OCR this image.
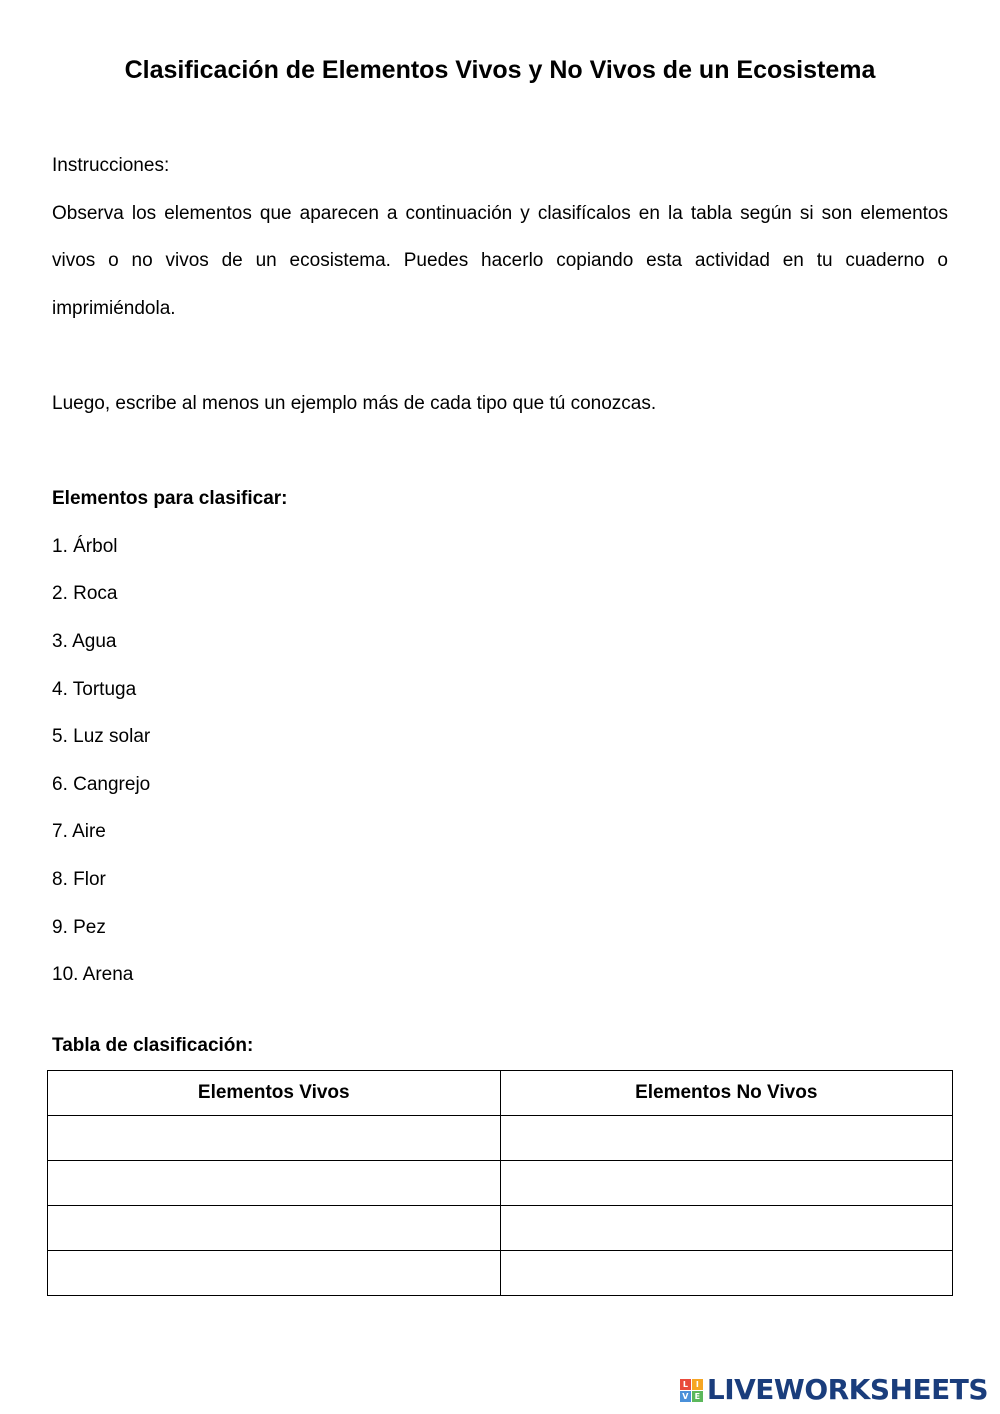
Clasificación de Elementos Vivos y No Vivos de un Ecosistema

Instrucciones:

Observa los elementos que aparecen a continuación y clasifícalos en la tabla según si son elementos vivos o no vivos de un ecosistema. Puedes hacerlo copiando esta actividad en tu cuaderno o imprimiéndola.

Luego, escribe al menos un ejemplo más de cada tipo que tú conozcas.

Elementos para clasificar:

1. Árbol
2. Roca
3. Agua
4. Tortuga
5. Luz solar
6. Cangrejo
7. Aire
8. Flor
9. Pez
10. Arena

Tabla de clasificación:

Elementos Vivos	Elementos No Vivos

L I
V E LIVEWORKSHEETS
